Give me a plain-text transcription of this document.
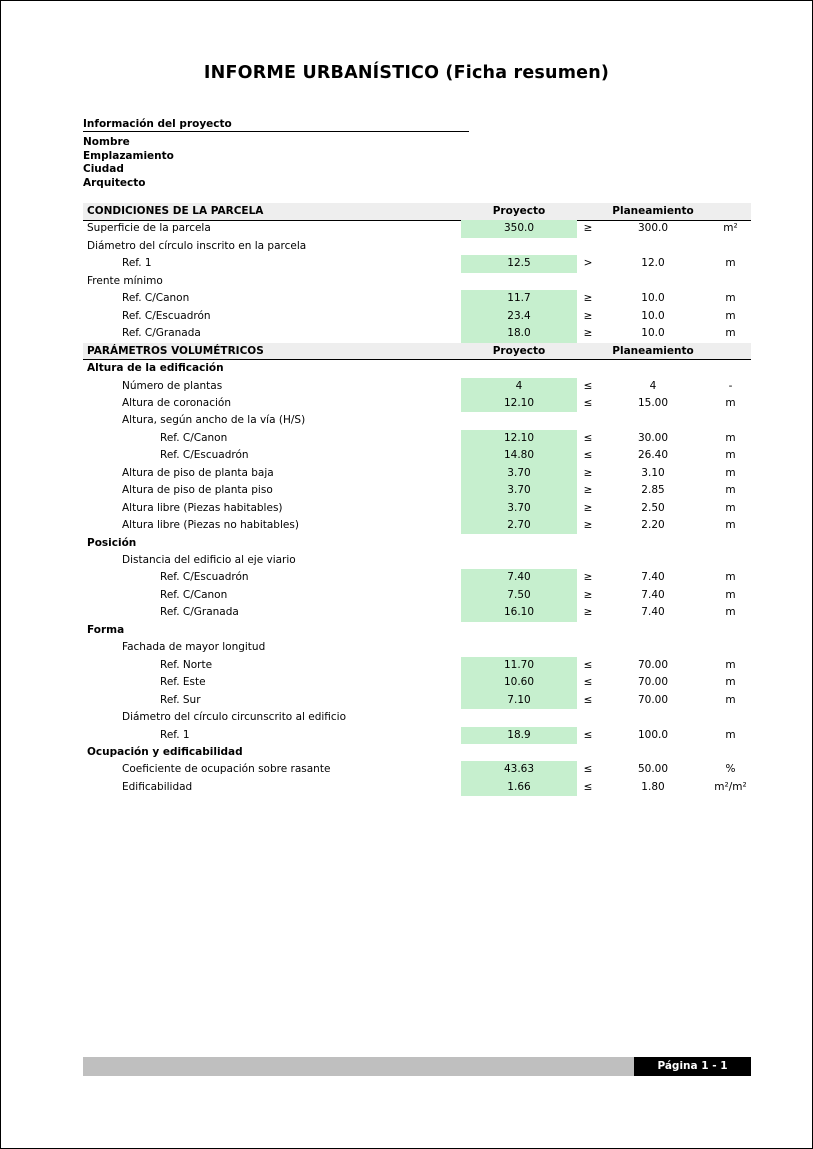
INFORME URBANÍSTICO (Ficha resumen)
Información del proyecto
Nombre
Emplazamiento
Ciudad
Arquitecto
CONDICIONES DE LA PARCELA	Proyecto	Planeamiento
Superficie de la parcela	350.0	≥	300.0	m²
Diámetro del círculo inscrito en la parcela
Ref. 1	12.5	>	12.0	m
Frente mínimo
Ref. C/Canon	11.7	≥	10.0	m
Ref. C/Escuadrón	23.4	≥	10.0	m
Ref. C/Granada	18.0	≥	10.0	m
PARÁMETROS VOLUMÉTRICOS	Proyecto	Planeamiento
Altura de la edificación
Número de plantas	4	≤	4	-
Altura de coronación	12.10	≤	15.00	m
Altura, según ancho de la vía (H/S)
Ref. C/Canon	12.10	≤	30.00	m
Ref. C/Escuadrón	14.80	≤	26.40	m
Altura de piso de planta baja	3.70	≥	3.10	m
Altura de piso de planta piso	3.70	≥	2.85	m
Altura libre (Piezas habitables)	3.70	≥	2.50	m
Altura libre (Piezas no habitables)	2.70	≥	2.20	m
Posición
Distancia del edificio al eje viario
Ref. C/Escuadrón	7.40	≥	7.40	m
Ref. C/Canon	7.50	≥	7.40	m
Ref. C/Granada	16.10	≥	7.40	m
Forma
Fachada de mayor longitud
Ref. Norte	11.70	≤	70.00	m
Ref. Este	10.60	≤	70.00	m
Ref. Sur	7.10	≤	70.00	m
Diámetro del círculo circunscrito al edificio
Ref. 1	18.9	≤	100.0	m
Ocupación y edificabilidad
Coeficiente de ocupación sobre rasante	43.63	≤	50.00	%
Edificabilidad	1.66	≤	1.80	m²/m²
Página 1 - 1
